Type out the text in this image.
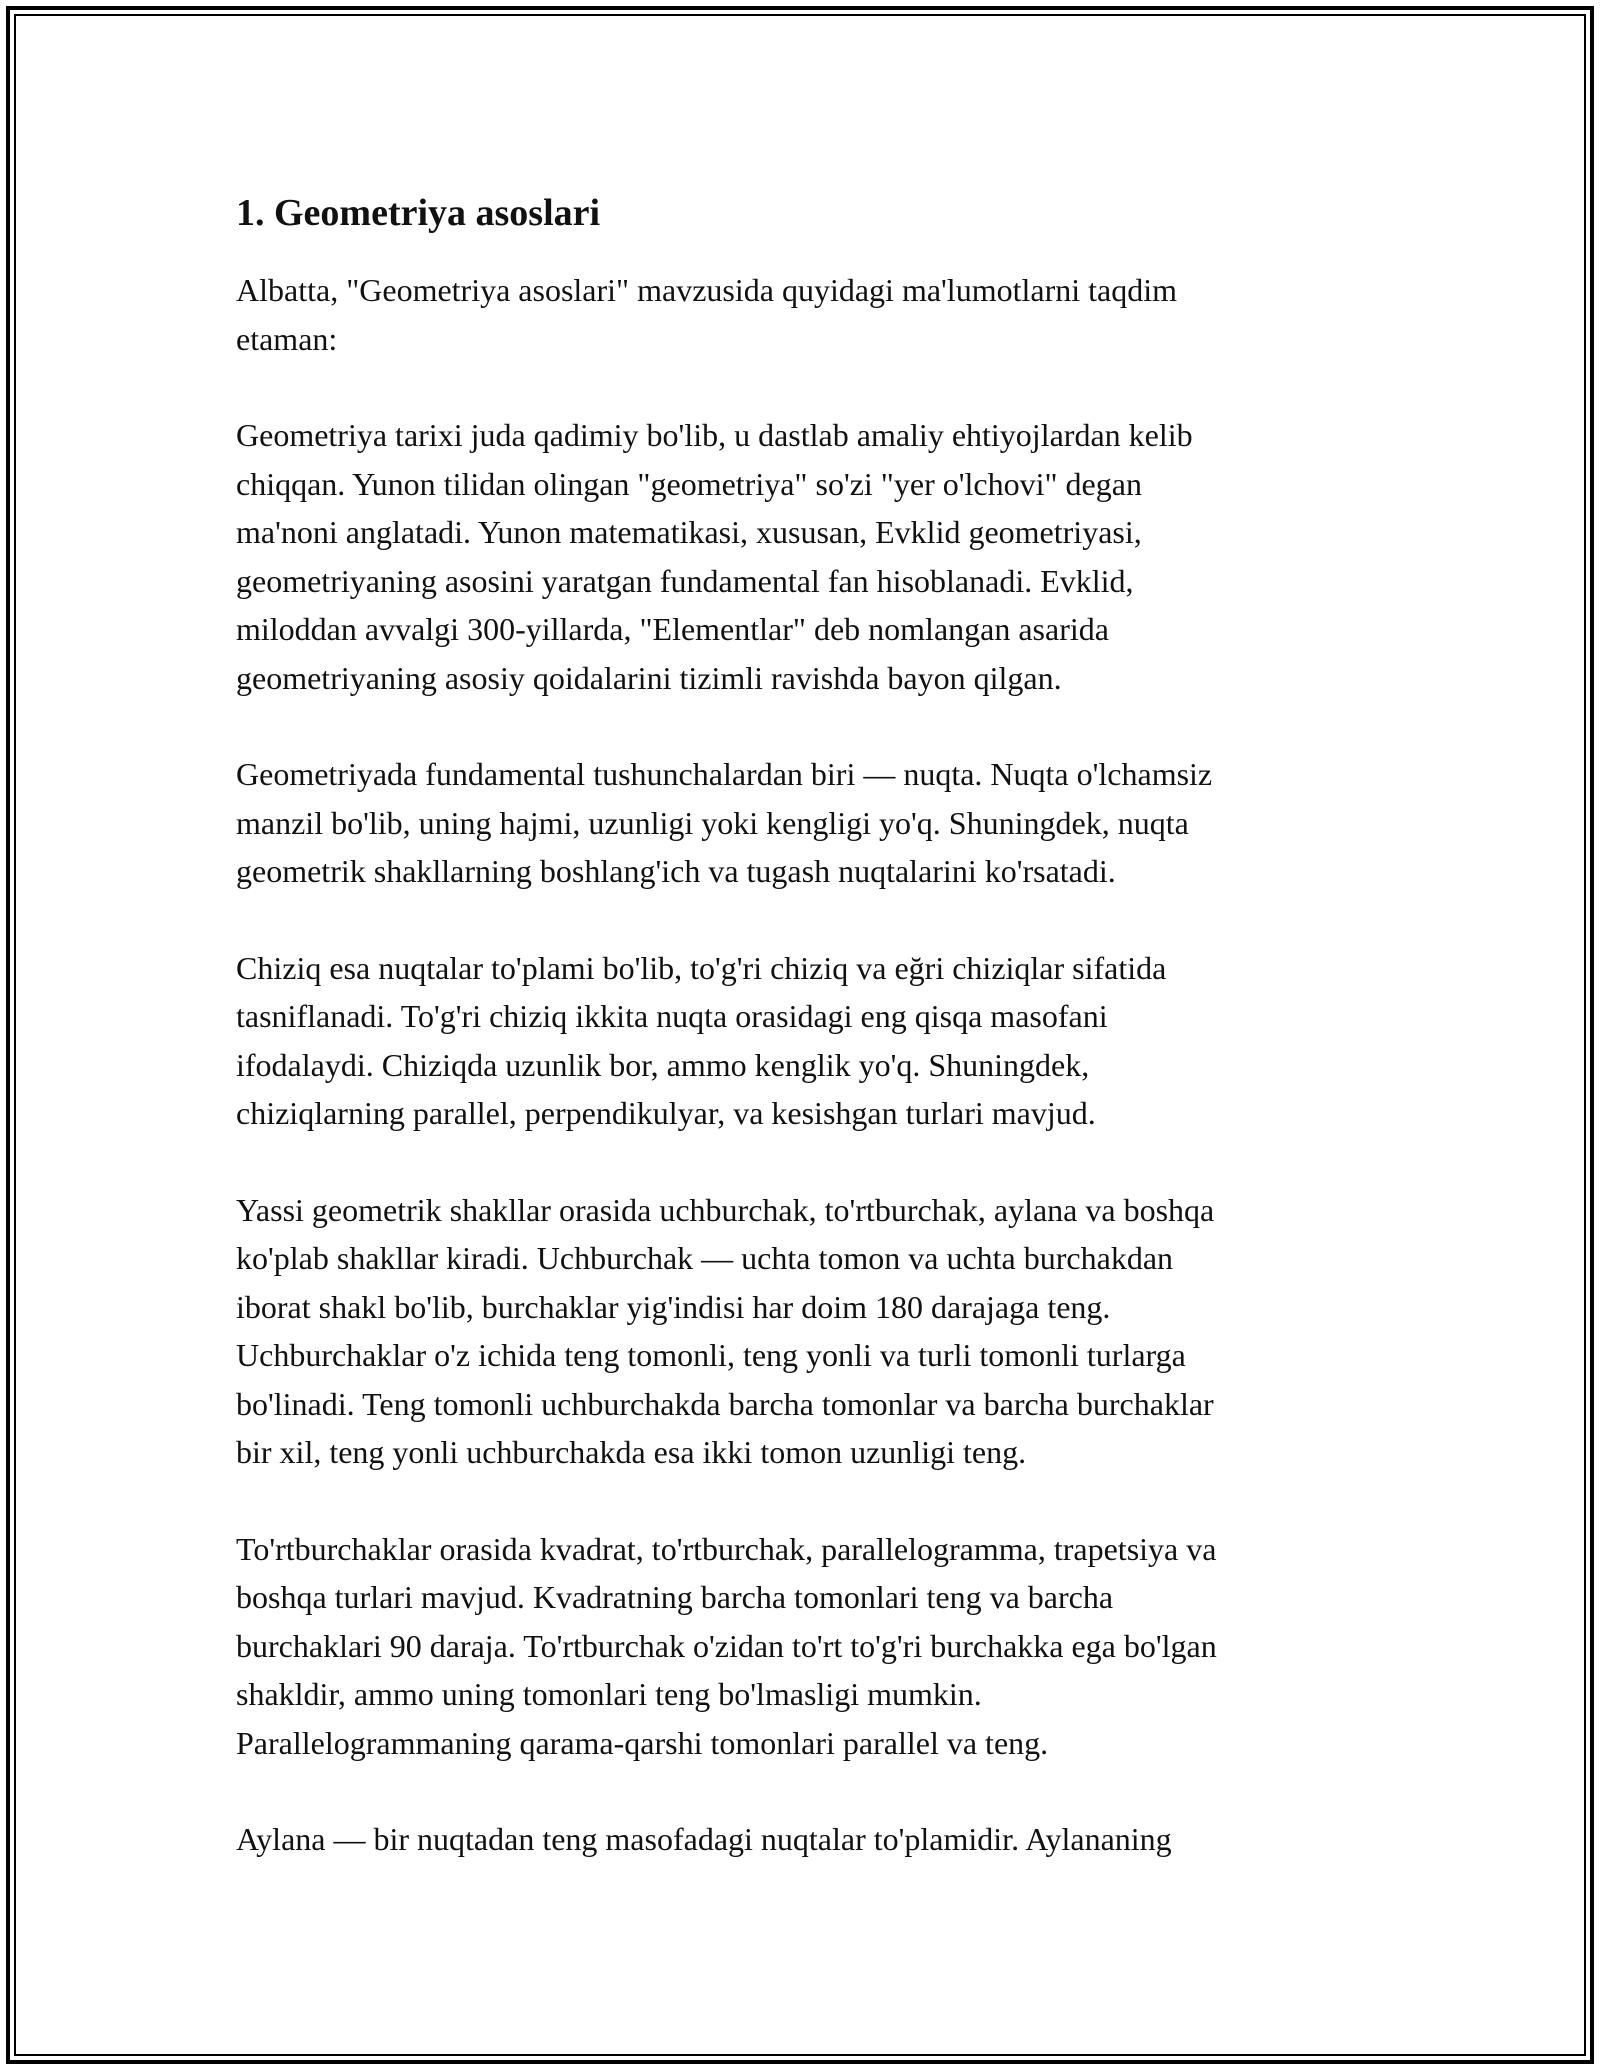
1. Geometriya asoslari

Albatta, "Geometriya asoslari" mavzusida quyidagi ma'lumotlarni taqdim
etaman:

Geometriya tarixi juda qadimiy bo'lib, u dastlab amaliy ehtiyojlardan kelib
chiqqan. Yunon tilidan olingan "geometriya" so'zi "yer o'lchovi" degan
ma'noni anglatadi. Yunon matematikasi, xususan, Evklid geometriyasi,
geometriyaning asosini yaratgan fundamental fan hisoblanadi. Evklid,
miloddan avvalgi 300-yillarda, "Elementlar" deb nomlangan asarida
geometriyaning asosiy qoidalarini tizimli ravishda bayon qilgan.

Geometriyada fundamental tushunchalardan biri — nuqta. Nuqta o'lchamsiz
manzil bo'lib, uning hajmi, uzunligi yoki kengligi yo'q. Shuningdek, nuqta
geometrik shakllarning boshlang'ich va tugash nuqtalarini ko'rsatadi.

Chiziq esa nuqtalar to'plami bo'lib, to'g'ri chiziq va eğri chiziqlar sifatida
tasniflanadi. To'g'ri chiziq ikkita nuqta orasidagi eng qisqa masofani
ifodalaydi. Chiziqda uzunlik bor, ammo kenglik yo'q. Shuningdek,
chiziqlarning parallel, perpendikulyar, va kesishgan turlari mavjud.

Yassi geometrik shakllar orasida uchburchak, to'rtburchak, aylana va boshqa
ko'plab shakllar kiradi. Uchburchak — uchta tomon va uchta burchakdan
iborat shakl bo'lib, burchaklar yig'indisi har doim 180 darajaga teng.
Uchburchaklar o'z ichida teng tomonli, teng yonli va turli tomonli turlarga
bo'linadi. Teng tomonli uchburchakda barcha tomonlar va barcha burchaklar
bir xil, teng yonli uchburchakda esa ikki tomon uzunligi teng.

To'rtburchaklar orasida kvadrat, to'rtburchak, parallelogramma, trapetsiya va
boshqa turlari mavjud. Kvadratning barcha tomonlari teng va barcha
burchaklari 90 daraja. To'rtburchak o'zidan to'rt to'g'ri burchakka ega bo'lgan
shakldir, ammo uning tomonlari teng bo'lmasligi mumkin.
Parallelogrammaning qarama-qarshi tomonlari parallel va teng.

Aylana — bir nuqtadan teng masofadagi nuqtalar to'plamidir. Aylananing
